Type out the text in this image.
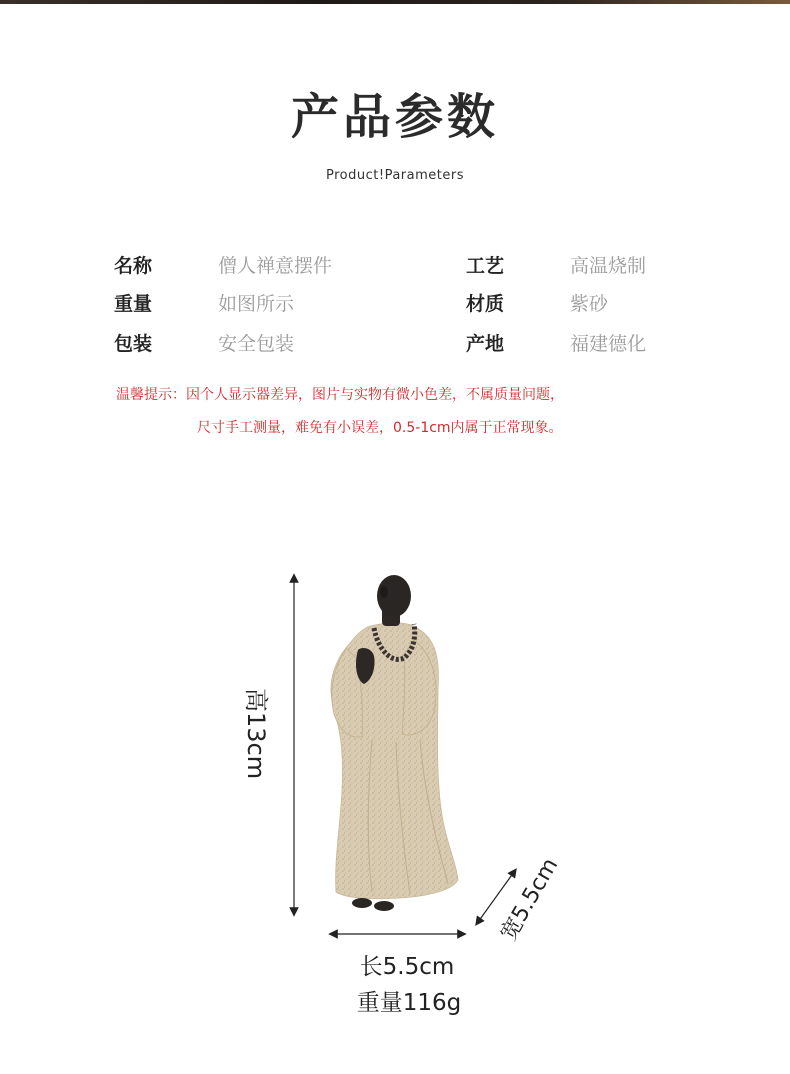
产品参数
Product!Parameters
名称	僧人禅意摆件	工艺	高温烧制
重量	如图所示	材质	紫砂
包装	安全包装	产地	福建德化
温馨提示：因个人显示器差异，图片与实物有微小色差，不属质量问题，
尺寸手工测量，难免有小误差，0.5-1cm内属于正常现象。
高13cm
宽5.5cm
长5.5cm
重量116g
